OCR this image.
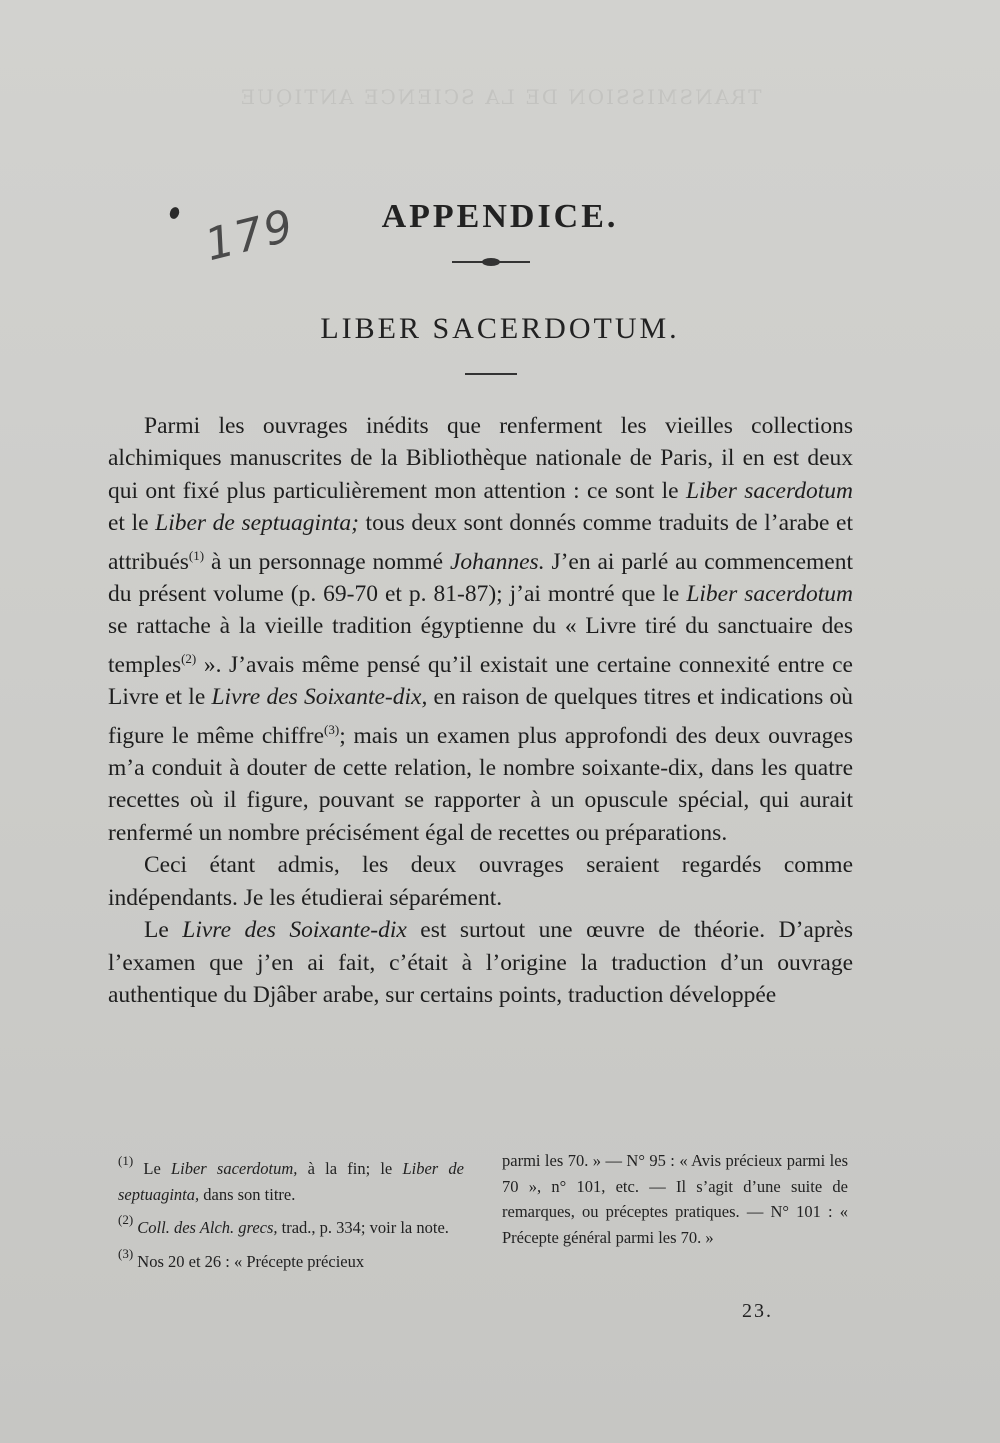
TRANSMISSION DE LA SCIENCE ANTIQUE
179	APPENDICE.
LIBER SACERDOTUM.

Parmi les ouvrages inédits que renferment les vieilles collections alchimiques manuscrites de la Bibliothèque nationale de Paris, il en est deux qui ont fixé plus particulièrement mon attention : ce sont le Liber sacerdotum et le Liber de septuaginta; tous deux sont donnés comme traduits de l’arabe et attribués$^{(1)}$ à un personnage nommé Johannes. J’en ai parlé au commencement du présent volume (p. 69-70 et p. 81-87); j’ai montré que le Liber sacerdotum se rattache à la vieille tradition égyptienne du « Livre tiré du sanctuaire des temples$^{(2)}$ ». J’avais même pensé qu’il existait une certaine connexité entre ce Livre et le Livre des Soixante-dix, en raison de quelques titres et indications où figure le même chiffre$^{(3)}$; mais un examen plus approfondi des deux ouvrages m’a conduit à douter de cette relation, le nombre soixante-dix, dans les quatre recettes où il figure, pouvant se rapporter à un opuscule spécial, qui aurait renfermé un nombre précisément égal de recettes ou préparations.

Ceci étant admis, les deux ouvrages seraient regardés comme indépendants. Je les étudierai séparément.

Le Livre des Soixante-dix est surtout une œuvre de théorie. D’après l’examen que j’en ai fait, c’était à l’origine la traduction d’un ouvrage authentique du Djâber arabe, sur certains points, traduction développée

$^{(1)}$ Le Liber sacerdotum, à la fin; le Liber de septuaginta, dans son titre.

$^{(2)}$ Coll. des Alch. grecs, trad., p. 334; voir la note.

$^{(3)}$ Nos 20 et 26 : « Précepte précieux

parmi les 70. » — N° 95 : « Avis précieux parmi les 70 », n° 101, etc. — Il s’agit d’une suite de remarques, ou préceptes pratiques. — N° 101 : « Précepte général parmi les 70. »

23.
